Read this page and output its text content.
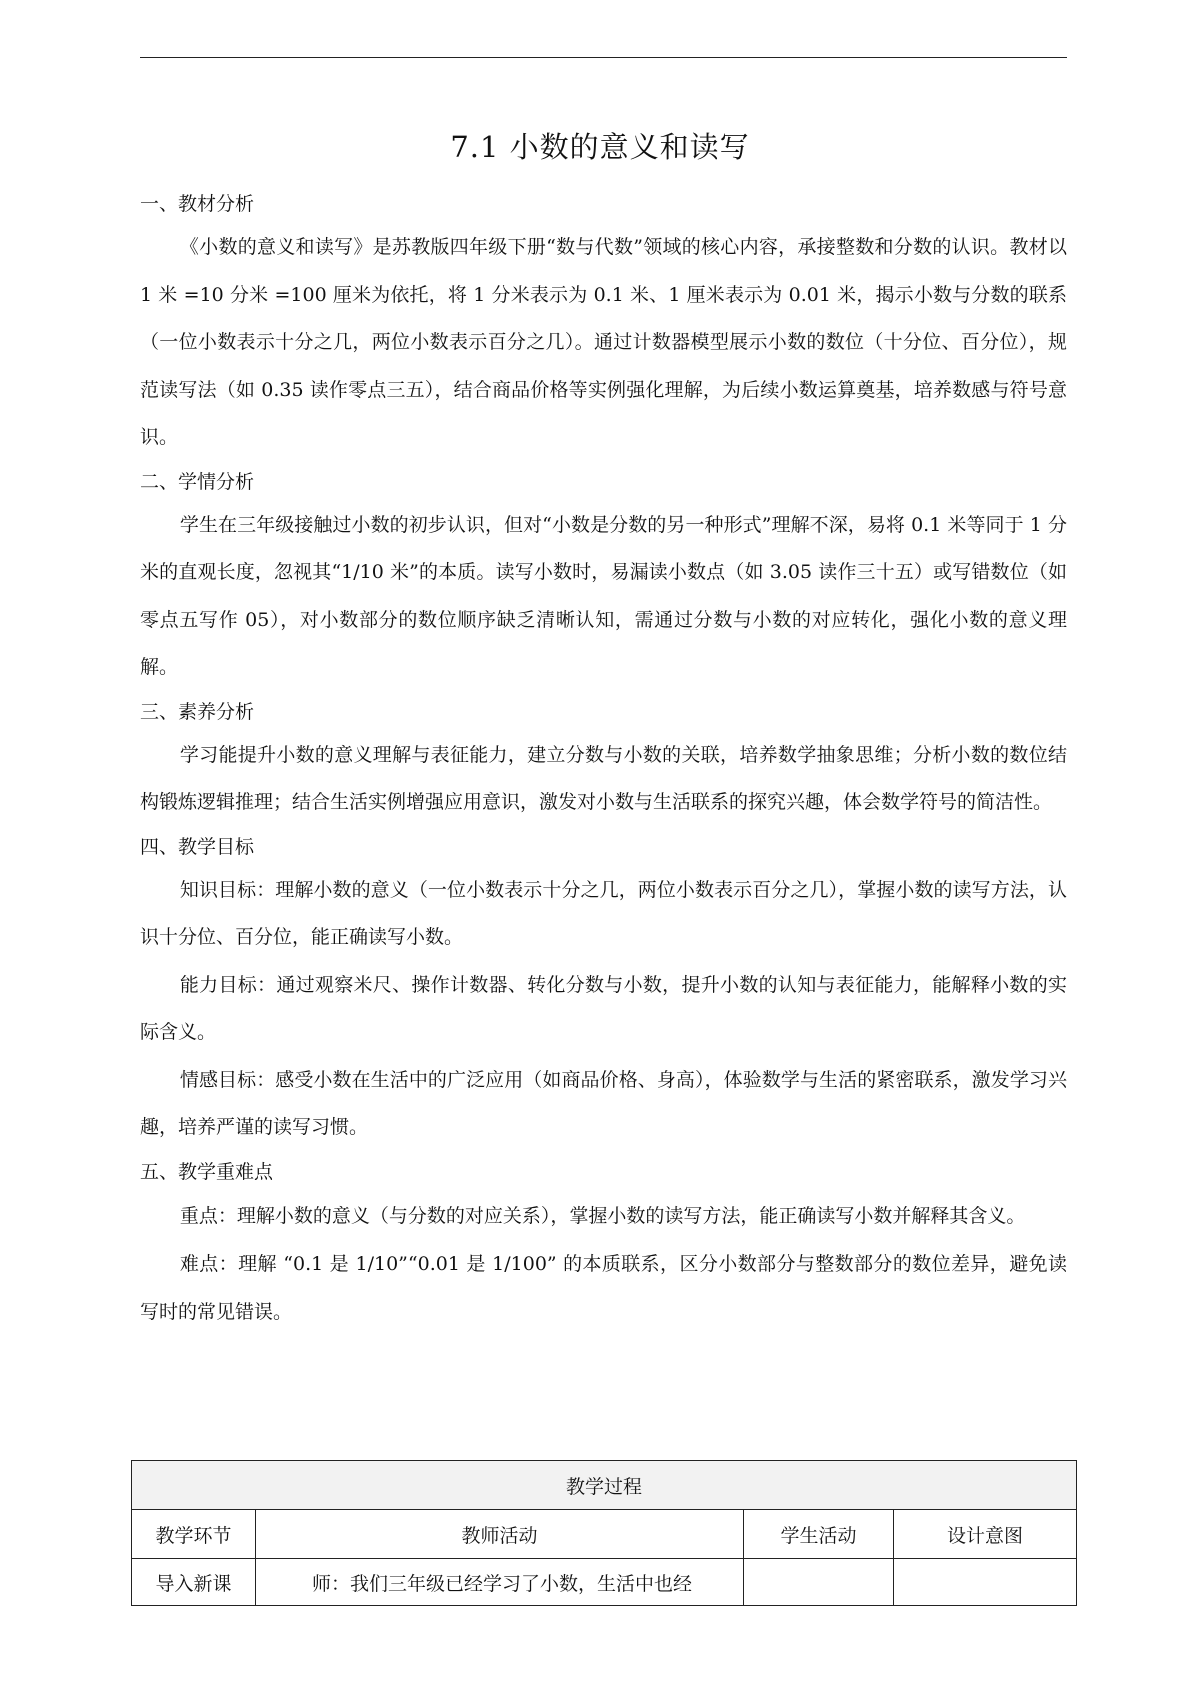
7.1 小数的意义和读写
一、教材分析

《小数的意义和读写》是苏教版四年级下册“数与代数”领域的核心内容，承接整数和分数的认识。教材以 1 米 =10 分米 =100 厘米为依托，将 1 分米表示为 0.1 米、1 厘米表示为 0.01 米，揭示小数与分数的联系（一位小数表示十分之几，两位小数表示百分之几）。通过计数器模型展示小数的数位（十分位、百分位），规范读写法（如 0.35 读作零点三五），结合商品价格等实例强化理解，为后续小数运算奠基，培养数感与符号意识。

二、学情分析

学生在三年级接触过小数的初步认识，但对“小数是分数的另一种形式”理解不深，易将 0.1 米等同于 1 分米的直观长度，忽视其“1/10 米”的本质。读写小数时，易漏读小数点（如 3.05 读作三十五）或写错数位（如零点五写作 05），对小数部分的数位顺序缺乏清晰认知，需通过分数与小数的对应转化，强化小数的意义理解。

三、素养分析

学习能提升小数的意义理解与表征能力，建立分数与小数的关联，培养数学抽象思维；分析小数的数位结构锻炼逻辑推理；结合生活实例增强应用意识，激发对小数与生活联系的探究兴趣，体会数学符号的简洁性。

四、教学目标

知识目标：理解小数的意义（一位小数表示十分之几，两位小数表示百分之几），掌握小数的读写方法，认识十分位、百分位，能正确读写小数。

能力目标：通过观察米尺、操作计数器、转化分数与小数，提升小数的认知与表征能力，能解释小数的实际含义。

情感目标：感受小数在生活中的广泛应用（如商品价格、身高），体验数学与生活的紧密联系，激发学习兴趣，培养严谨的读写习惯。

五、教学重难点

重点：理解小数的意义（与分数的对应关系），掌握小数的读写方法，能正确读写小数并解释其含义。

难点：理解 “0.1 是 1/10”“0.01 是 1/100” 的本质联系，区分小数部分与整数部分的数位差异，避免读写时的常见错误。

教学过程			
教学环节	教师活动	学生活动	设计意图
导入新课	师：我们三年级已经学习了小数，生活中也经		
